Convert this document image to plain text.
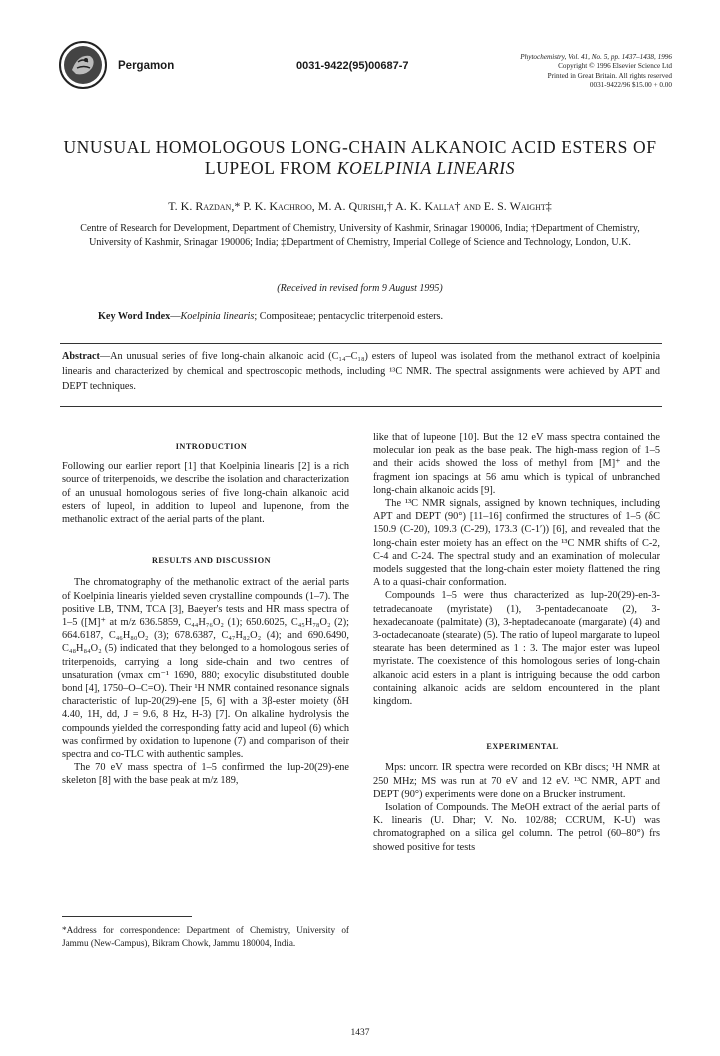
Pergamon	0031-9422(95)00687-7
Phytochemistry, Vol. 41, No. 5, pp. 1437–1438, 1996
Copyright © 1996 Elsevier Science Ltd
Printed in Great Britain. All rights reserved
0031-9422/96 $15.00 + 0.00
UNUSUAL HOMOLOGOUS LONG-CHAIN ALKANOIC ACID ESTERS OF
LUPEOL FROM KOELPINIA LINEARIS
T. K. Razdan,* P. K. Kachroo, M. A. Qurishi,† A. K. Kalla† and E. S. Waight‡
Centre of Research for Development, Department of Chemistry, University of Kashmir, Srinagar 190006, India; †Department of Chemistry, University of Kashmir, Srinagar 190006; India; ‡Department of Chemistry, Imperial College of Science and Technology, London, U.K.
(Received in revised form 9 August 1995)
Key Word Index—Koelpinia linearis; Compositeae; pentacyclic triterpenoid esters.
Abstract—An unusual series of five long-chain alkanoic acid (C₁₄–C₁₈) esters of lupeol was isolated from the methanol extract of koelpinia linearis and characterized by chemical and spectroscopic methods, including ¹³C NMR. The spectral assignments were achieved by APT and DEPT techniques.

INTRODUCTION

Following our earlier report [1] that Koelpinia linearis [2] is a rich source of triterpenoids, we describe the isolation and characterization of an unusual homologous series of five long-chain alkanoic acid esters of lupeol, in addition to lupeol and lupenone, from the methanolic extract of the aerial parts of the plant.

RESULTS AND DISCUSSION

The chromatography of the methanolic extract of the aerial parts of Koelpinia linearis yielded seven crystalline compounds (1–7). The positive LB, TNM, TCA [3], Baeyer's tests and HR mass spectra of 1–5 ([M]⁺ at m/z 636.5859, C₄₄H₇₆O₂ (1); 650.6025, C₄₅H₇₈O₂ (2); 664.6187, C₄₆H₈₀O₂ (3); 678.6387, C₄₇H₈₂O₂ (4); and 690.6490, C₄₈H₈₄O₂ (5) indicated that they belonged to a homologous series of triterpenoids, carrying a long side-chain and two centres of unsaturation (νmax cm⁻¹ 1690, 880; exocylic disubstituted double bond [4], 1750–O–C=O). Their ¹H NMR contained resonance signals characteristic of lup-20(29)-ene [5, 6] with a 3β-ester moiety (δH 4.40, 1H, dd, J = 9.6, 8 Hz, H-3) [7]. On alkaline hydrolysis the compounds yielded the corresponding fatty acid and lupeol (6) which was confirmed by oxidation to lupenone (7) and comparison of their spectra and co-TLC with authentic samples.

The 70 eV mass spectra of 1–5 confirmed the lup-20(29)-ene skeleton [8] with the base peak at m/z 189,

like that of lupeone [10]. But the 12 eV mass spectra contained the molecular ion peak as the base peak. The high-mass region of 1–5 and their acids showed the loss of methyl from [M]⁺ and the fragment ion spacings at 56 amu which is typical of unbranched long-chain alkanoic acids [9].

The ¹³C NMR signals, assigned by known techniques, including APT and DEPT (90°) [11–16] confirmed the structures of 1–5 (δC 150.9 (C-20), 109.3 (C-29), 173.3 (C-1′)) [6], and revealed that the long-chain ester moiety has an effect on the ¹³C NMR shifts of C-2, C-4 and C-24. The spectral study and an examination of molecular models suggested that the long-chain ester moiety flattened the ring A to a quasi-chair conformation.

Compounds 1–5 were thus characterized as lup-20(29)-en-3-tetradecanoate (myristate) (1), 3-pentadecanoate (2), 3-hexadecanoate (palmitate) (3), 3-heptadecanoate (margarate) (4) and 3-octadecanoate (stearate) (5). The ratio of lupeol margarate to lupeol stearate has been determined as 1 : 3. The major ester was lupeol myristate. The coexistence of this homologous series of long-chain alkanoic acid esters in a plant is intriguing because the odd carbon containing alkanoic acids are seldom encountered in the plant kingdom.

EXPERIMENTAL

Mps: uncorr. IR spectra were recorded on KBr discs; ¹H NMR at 250 MHz; MS was run at 70 eV and 12 eV. ¹³C NMR, APT and DEPT (90°) experiments were done on a Brucker instrument.

Isolation of Compounds. The MeOH extract of the aerial parts of K. linearis (U. Dhar; V. No. 102/88; CCRUM, K-U) was chromatographed on a silica gel column. The petrol (60–80°) frs showed positive for tests

*Address for correspondence: Department of Chemistry, University of Jammu (New-Campus), Bikram Chowk, Jammu 180004, India.
1437
